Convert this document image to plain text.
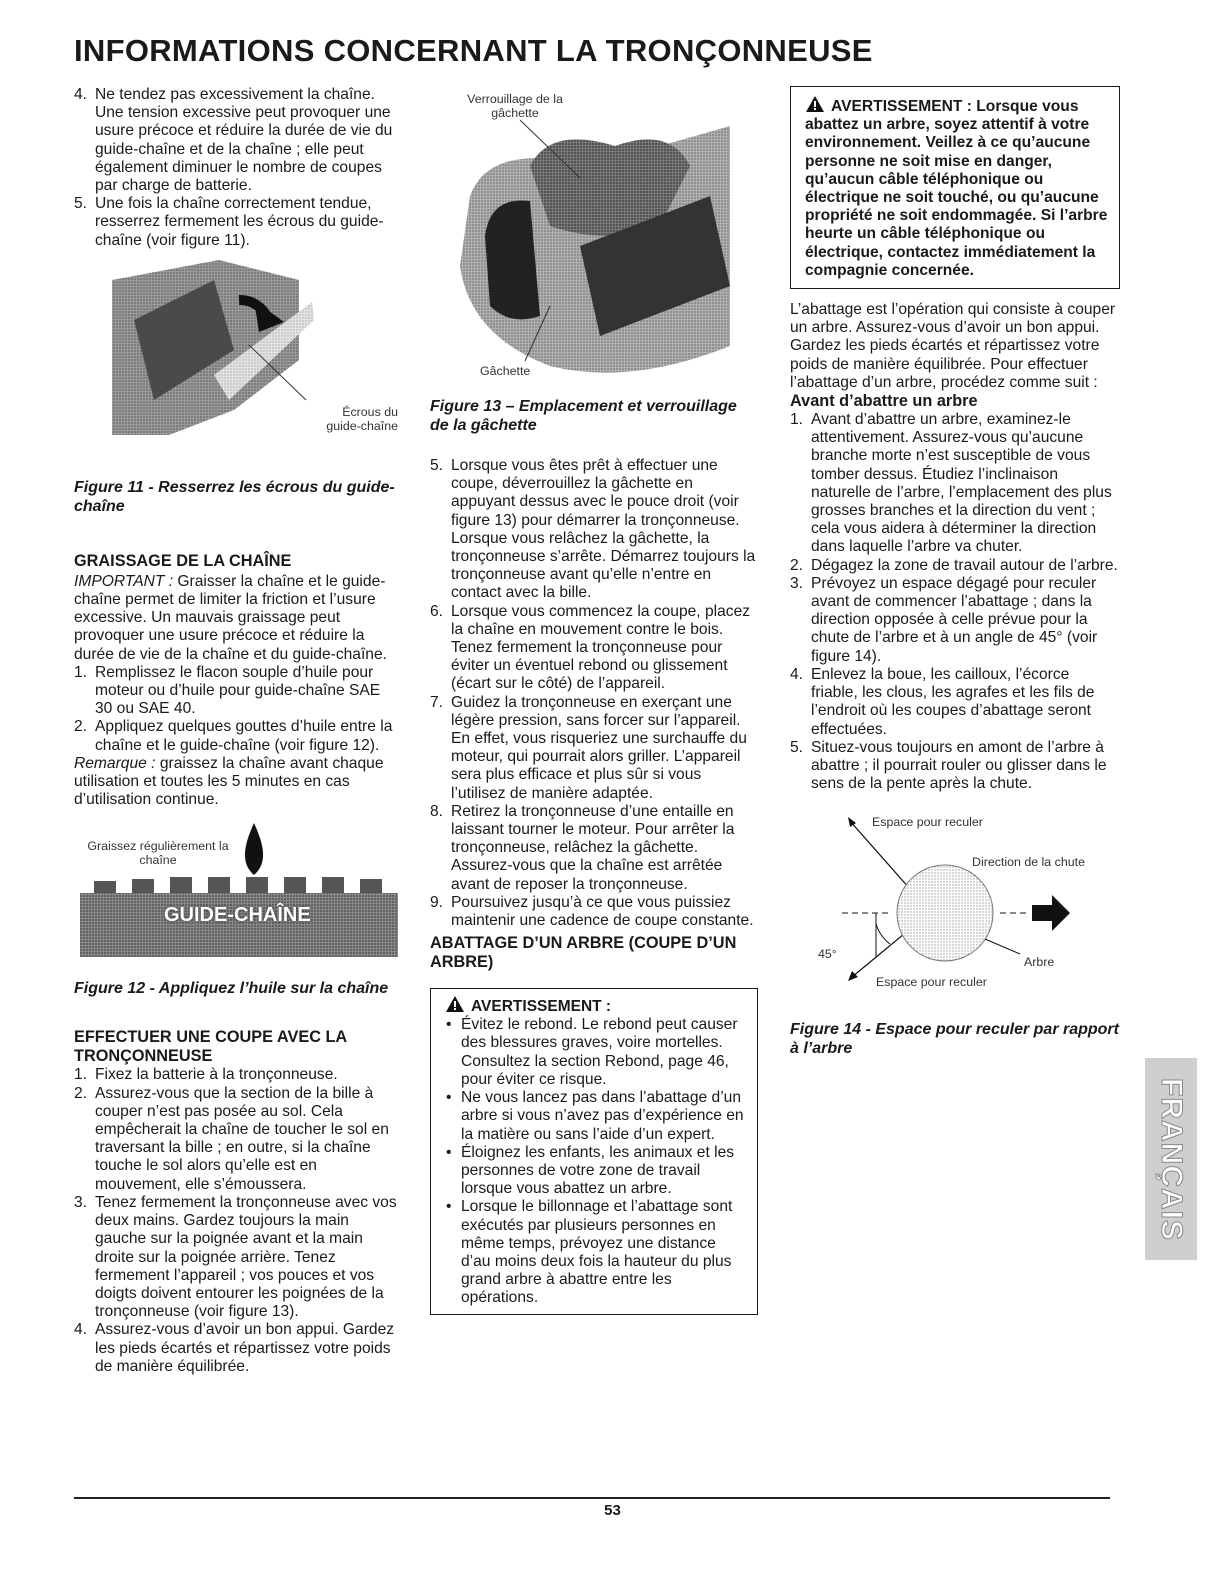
INFORMATIONS CONCERNANT LA TRONÇONNEUSE
4. Ne tendez pas excessivement la chaîne. Une tension excessive peut provoquer une usure précoce et réduire la durée de vie du guide-chaîne et de la chaîne ; elle peut également diminuer le nombre de coupes par charge de batterie.
5. Une fois la chaîne correctement tendue, resserrez fermement les écrous du guide-chaîne (voir figure 11).
Écrous du guide-chaîne

Figure 11 - Resserrez les écrous du guide-chaîne

GRAISSAGE DE LA CHAÎNE

IMPORTANT : Graisser la chaîne et le guide-chaîne permet de limiter la friction et l’usure excessive. Un mauvais graissage peut provoquer une usure précoce et réduire la durée de vie de la chaîne et du guide-chaîne.

1. Remplissez le flacon souple d’huile pour moteur ou d’huile pour guide-chaîne SAE 30 ou SAE 40.
2. Appliquez quelques gouttes d’huile entre la chaîne et le guide-chaîne (voir figure 12).

Remarque : graissez la chaîne avant chaque utilisation et toutes les 5 minutes en cas d’utilisation continue.

Graissez régulièrement la chaîne
GUIDE-CHAÎNE

Figure 12 - Appliquez l’huile sur la chaîne

EFFECTUER UNE COUPE AVEC LA TRONÇONNEUSE

1. Fixez la batterie à la tronçonneuse.
2. Assurez-vous que la section de la bille à couper n’est pas posée au sol. Cela empêcherait la chaîne de toucher le sol en traversant la bille ; en outre, si la chaîne touche le sol alors qu’elle est en mouvement, elle s’émoussera.
3. Tenez fermement la tronçonneuse avec vos deux mains. Gardez toujours la main gauche sur la poignée avant et la main droite sur la poignée arrière. Tenez fermement l’appareil ; vos pouces et vos doigts doivent entourer les poignées de la tronçonneuse (voir figure 13).
4. Assurez-vous d’avoir un bon appui. Gardez les pieds écartés et répartissez votre poids de manière équilibrée.
Verrouillage de la gâchette
Gâchette

Figure 13 – Emplacement et verrouillage de la gâchette

5. Lorsque vous êtes prêt à effectuer une coupe, déverrouillez la gâchette en appuyant dessus avec le pouce droit (voir figure 13) pour démarrer la tronçonneuse. Lorsque vous relâchez la gâchette, la tronçonneuse s’arrête. Démarrez toujours la tronçonneuse avant qu’elle n’entre en contact avec la bille.
6. Lorsque vous commencez la coupe, placez la chaîne en mouvement contre le bois. Tenez fermement la tronçonneuse pour éviter un éventuel rebond ou glissement (écart sur le côté) de l’appareil.
7. Guidez la tronçonneuse en exerçant une légère pression, sans forcer sur l’appareil. En effet, vous risqueriez une surchauffe du moteur, qui pourrait alors griller. L’appareil sera plus efficace et plus sûr si vous l’utilisez de manière adaptée.
8. Retirez la tronçonneuse d’une entaille en laissant tourner le moteur. Pour arrêter la tronçonneuse, relâchez la gâchette. Assurez-vous que la chaîne est arrêtée avant de reposer la tronçonneuse.
9. Poursuivez jusqu’à ce que vous puissiez maintenir une cadence de coupe constante.

ABATTAGE D’UN ARBRE (COUPE D’UN ARBRE)

AVERTISSEMENT :
• Évitez le rebond. Le rebond peut causer des blessures graves, voire mortelles. Consultez la section Rebond, page 46, pour éviter ce risque.
• Ne vous lancez pas dans l’abattage d’un arbre si vous n’avez pas d’expérience en la matière ou sans l’aide d’un expert.
• Éloignez les enfants, les animaux et les personnes de votre zone de travail lorsque vous abattez un arbre.
• Lorsque le billonnage et l’abattage sont exécutés par plusieurs personnes en même temps, prévoyez une distance d’au moins deux fois la hauteur du plus grand arbre à abattre entre les opérations.
AVERTISSEMENT : Lorsque vous abattez un arbre, soyez attentif à votre environnement. Veillez à ce qu’aucune personne ne soit mise en danger, qu’aucun câble téléphonique ou électrique ne soit touché, ou qu’aucune propriété ne soit endommagée. Si l’arbre heurte un câble téléphonique ou électrique, contactez immédiatement la compagnie concernée.

L’abattage est l’opération qui consiste à couper un arbre. Assurez-vous d’avoir un bon appui. Gardez les pieds écartés et répartissez votre poids de manière équilibrée. Pour effectuer l’abattage d’un arbre, procédez comme suit :

Avant d’abattre un arbre

1. Avant d’abattre un arbre, examinez-le attentivement. Assurez-vous qu’aucune branche morte n’est susceptible de vous tomber dessus. Étudiez l’inclinaison naturelle de l’arbre, l’emplacement des plus grosses branches et la direction du vent ; cela vous aidera à déterminer la direction dans laquelle l’arbre va chuter.
2. Dégagez la zone de travail autour de l’arbre.
3. Prévoyez un espace dégagé pour reculer avant de commencer l’abattage ; dans la direction opposée à celle prévue pour la chute de l’arbre et à un angle de 45° (voir figure 14).
4. Enlevez la boue, les cailloux, l’écorce friable, les clous, les agrafes et les fils de l’endroit où les coupes d’abattage seront effectuées.
5. Situez-vous toujours en amont de l’arbre à abattre ; il pourrait rouler ou glisser dans le sens de la pente après la chute.
Espace pour reculer
Direction de la chute
45°
Arbre
Espace pour reculer

Figure 14 - Espace pour reculer par rapport à l’arbre

FRANÇAIS
53
